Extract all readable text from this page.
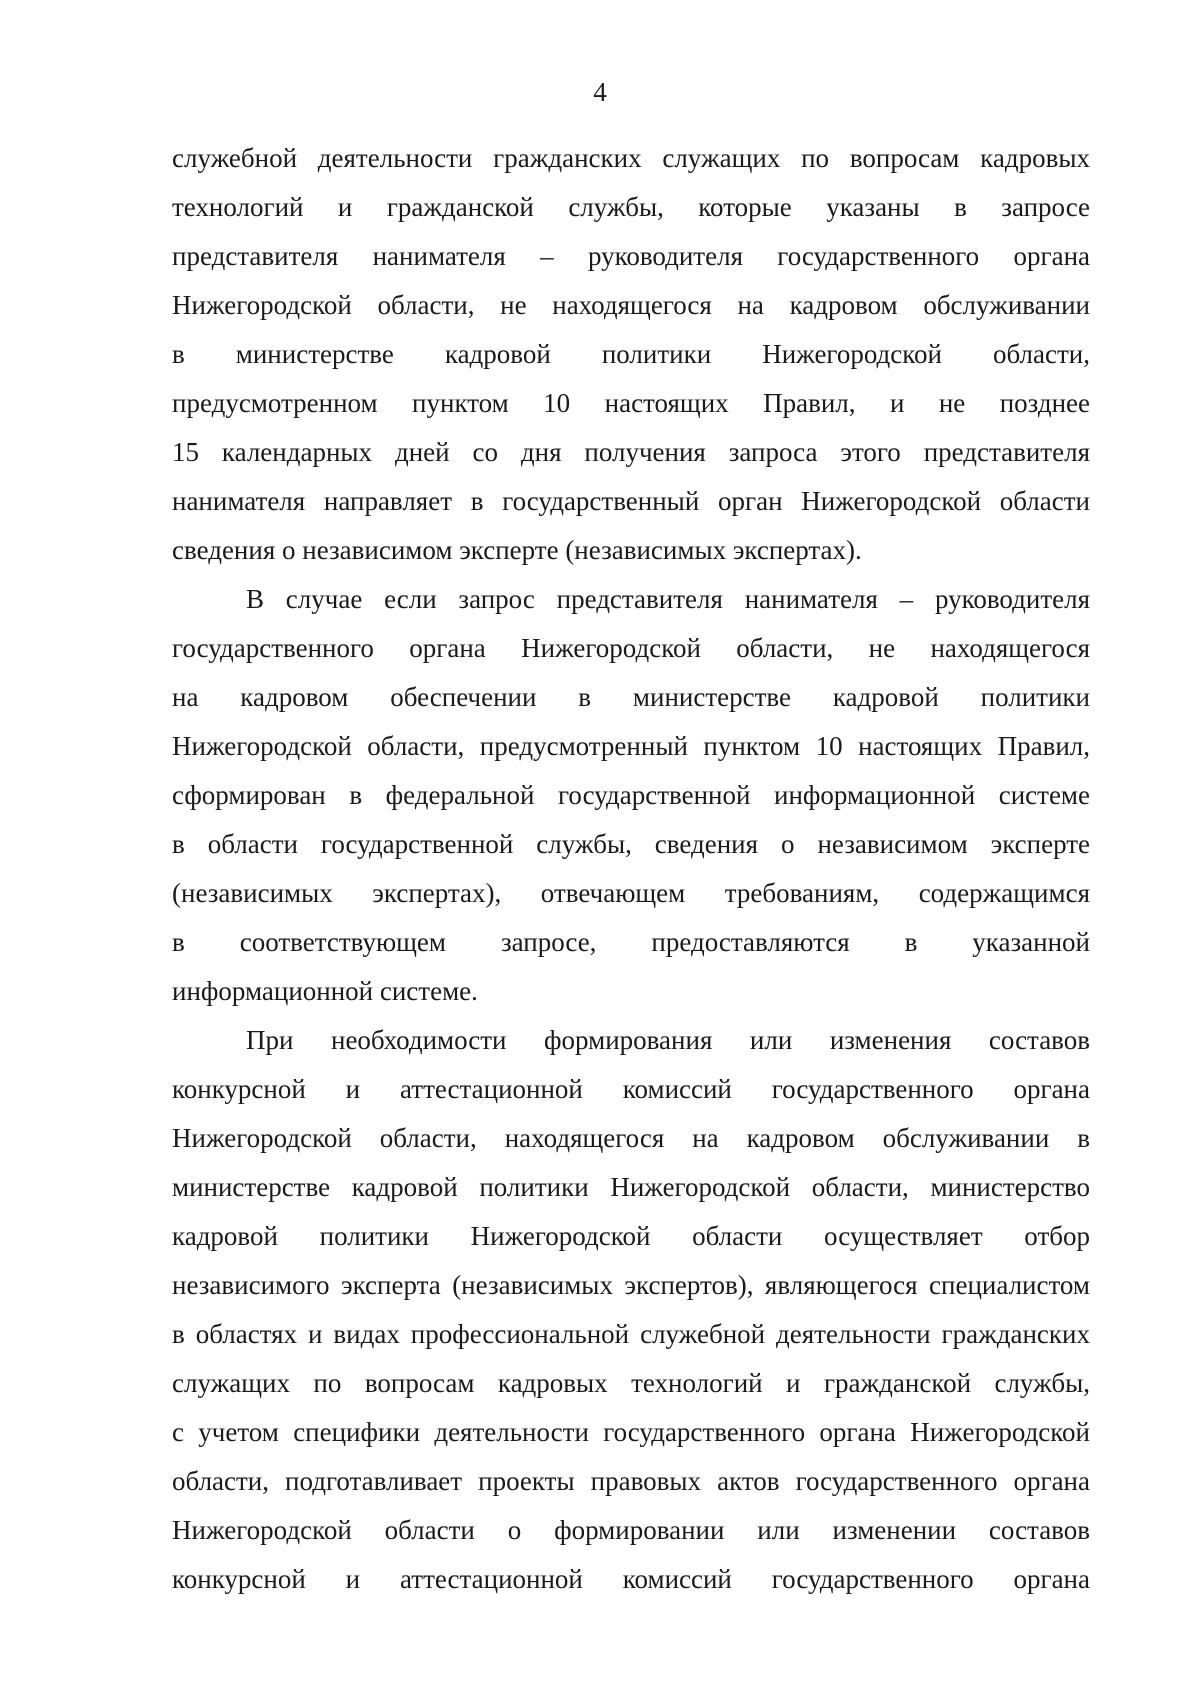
4
служебной деятельности гражданских служащих по вопросам кадровых
технологий и гражданской службы, которые указаны в запросе
представителя нанимателя – руководителя государственного органа
Нижегородской области, не находящегося на кадровом обслуживании
в министерстве кадровой политики Нижегородской области,
предусмотренном пунктом 10 настоящих Правил, и не позднее
15 календарных дней со дня получения запроса этого представителя
нанимателя направляет в государственный орган Нижегородской области
сведения о независимом эксперте (независимых экспертах).
В случае если запрос представителя нанимателя – руководителя
государственного органа Нижегородской области, не находящегося
на кадровом обеспечении в министерстве кадровой политики
Нижегородской области, предусмотренный пунктом 10 настоящих Правил,
сформирован в федеральной государственной информационной системе
в области государственной службы, сведения о независимом эксперте
(независимых экспертах), отвечающем требованиям, содержащимся
в соответствующем запросе, предоставляются в указанной
информационной системе.
При необходимости формирования или изменения составов
конкурсной и аттестационной комиссий государственного органа
Нижегородской области, находящегося на кадровом обслуживании в
министерстве кадровой политики Нижегородской области, министерство
кадровой политики Нижегородской области осуществляет отбор
независимого эксперта (независимых экспертов), являющегося специалистом
в областях и видах профессиональной служебной деятельности гражданских
служащих по вопросам кадровых технологий и гражданской службы,
с учетом специфики деятельности государственного органа Нижегородской
области, подготавливает проекты правовых актов государственного органа
Нижегородской области о формировании или изменении составов
конкурсной и аттестационной комиссий государственного органа
